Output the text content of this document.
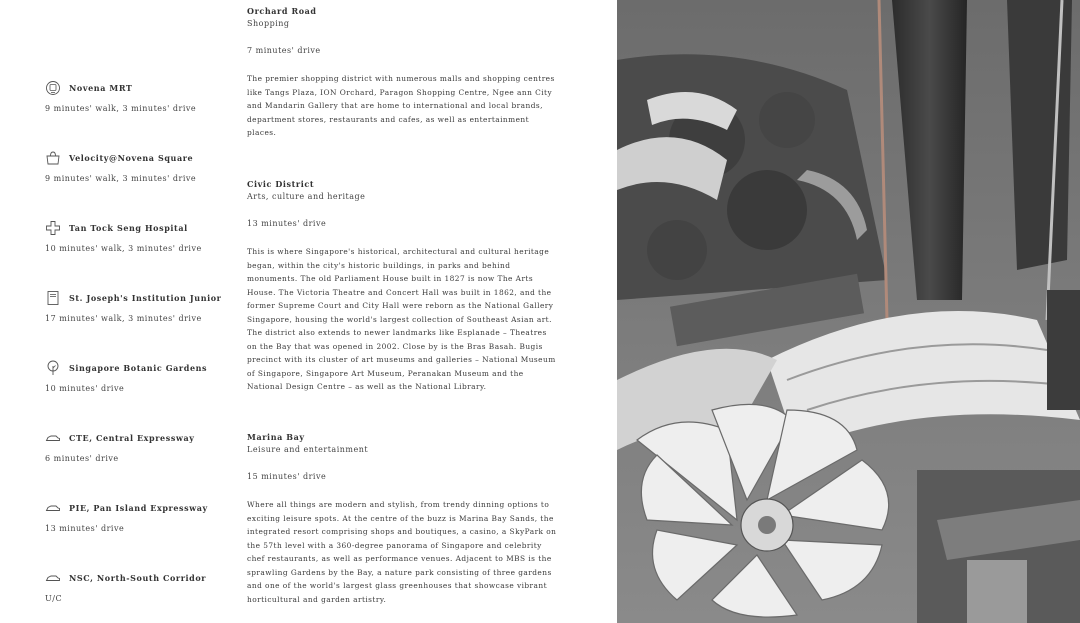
Novena MRT
9 minutes' walk, 3 minutes' drive
Velocity@Novena Square
9 minutes' walk, 3 minutes' drive
Tan Tock Seng Hospital
10 minutes' walk, 3 minutes' drive
St. Joseph's Institution Junior
17 minutes' walk, 3 minutes' drive
Singapore Botanic Gardens
10 minutes' drive
CTE, Central Expressway
6 minutes' drive
PIE, Pan Island Expressway
13 minutes' drive
NSC, North-South Corridor
U/C
Orchard Road
Shopping
7 minutes' drive
The premier shopping district with numerous malls and shopping centres like Tangs Plaza, ION Orchard, Paragon Shopping Centre, Ngee ann City and Mandarin Gallery that are home to international and local brands, department stores, restaurants and cafes, as well as entertainment places.
Civic District
Arts, culture and heritage
13 minutes' drive
This is where Singapore's historical, architectural and cultural heritage began, within the city's historic buildings, in parks and behind monuments. The old Parliament House built in 1827 is now The Arts House. The Victoria Theatre and Concert Hall was built in 1862, and the former Supreme Court and City Hall were reborn as the National Gallery Singapore, housing the world's largest collection of Southeast Asian art. The district also extends to newer landmarks like Esplanade – Theatres on the Bay that was opened in 2002. Close by is the Bras Basah. Bugis precinct with its cluster of art museums and galleries – National Museum of Singapore, Singapore Art Museum, Peranakan Museum and the National Design Centre – as well as the National Library.
Marina Bay
Leisure and entertainment
15 minutes' drive
Where all things are modern and stylish, from trendy dinning options to exciting leisure spots. At the centre of the buzz is Marina Bay Sands, the integrated resort comprising shops and boutiques, a casino, a SkyPark on the 57th level with a 360-degree panorama of Singapore and celebrity chef restaurants, as well as performance venues. Adjacent to MBS is the sprawling Gardens by the Bay, a nature park consisting of three gardens and one of the world's largest glass greenhouses that showcase vibrant horticultural and garden artistry.
